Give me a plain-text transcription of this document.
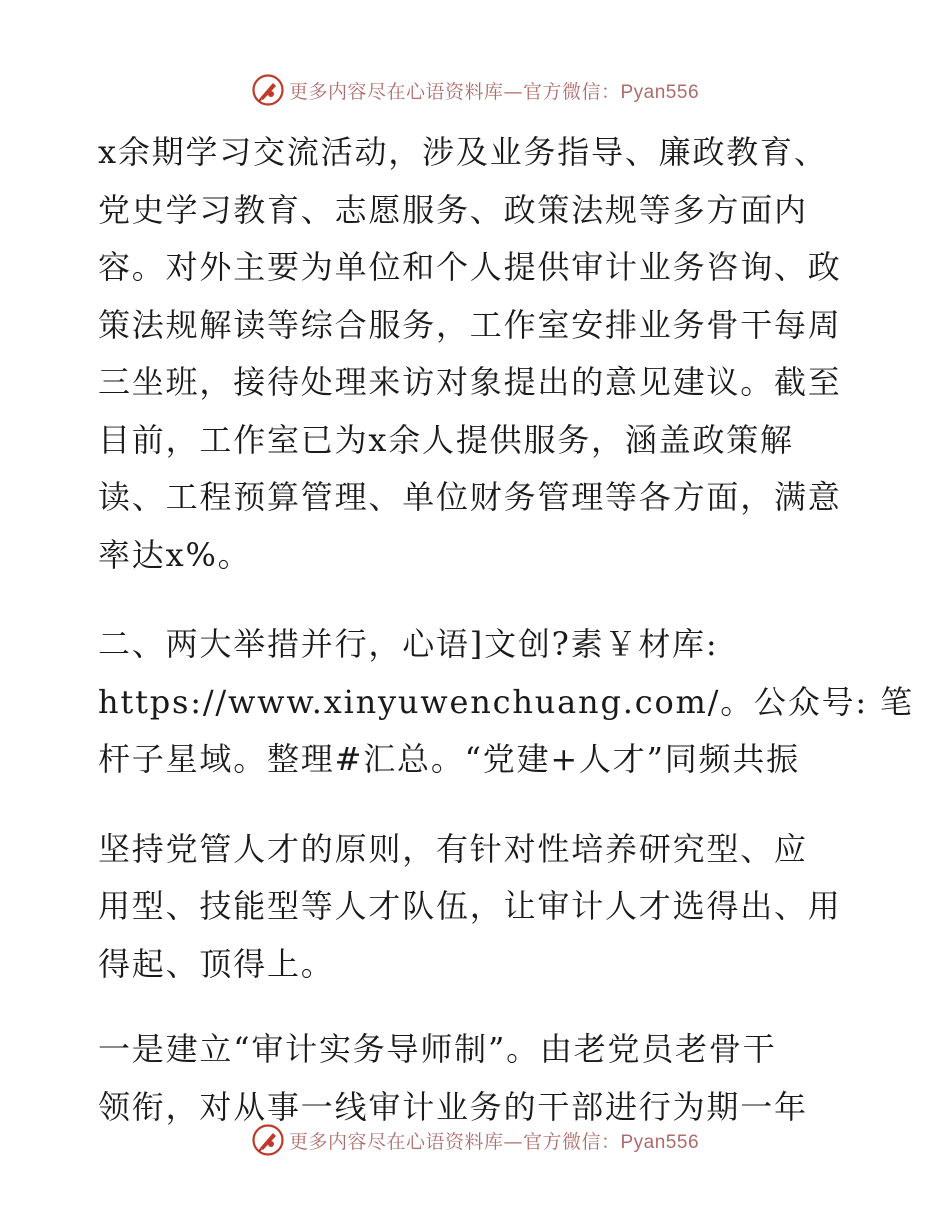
更多内容尽在心语资料库—官方微信：Pyan556

x余期学习交流活动，涉及业务指导、廉政教育、

党史学习教育、志愿服务、政策法规等多方面内

容。对外主要为单位和个人提供审计业务咨询、政

策法规解读等综合服务，工作室安排业务骨干每周

三坐班，接待处理来访对象提出的意见建议。截至

目前，工作室已为x余人提供服务，涵盖政策解

读、工程预算管理、单位财务管理等各方面，满意

率达x%。

二、两大举措并行，心语]文创?素￥材库:

https://www.xinyuwenchuang.com/。公众号: 笔

杆子星域。整理#汇总。“党建+人才”同频共振

坚持党管人才的原则，有针对性培养研究型、应

用型、技能型等人才队伍，让审计人才选得出、用

得起、顶得上。

一是建立“审计实务导师制”。由老党员老骨干

领衔，对从事一线审计业务的干部进行为期一年

更多内容尽在心语资料库—官方微信：Pyan556
